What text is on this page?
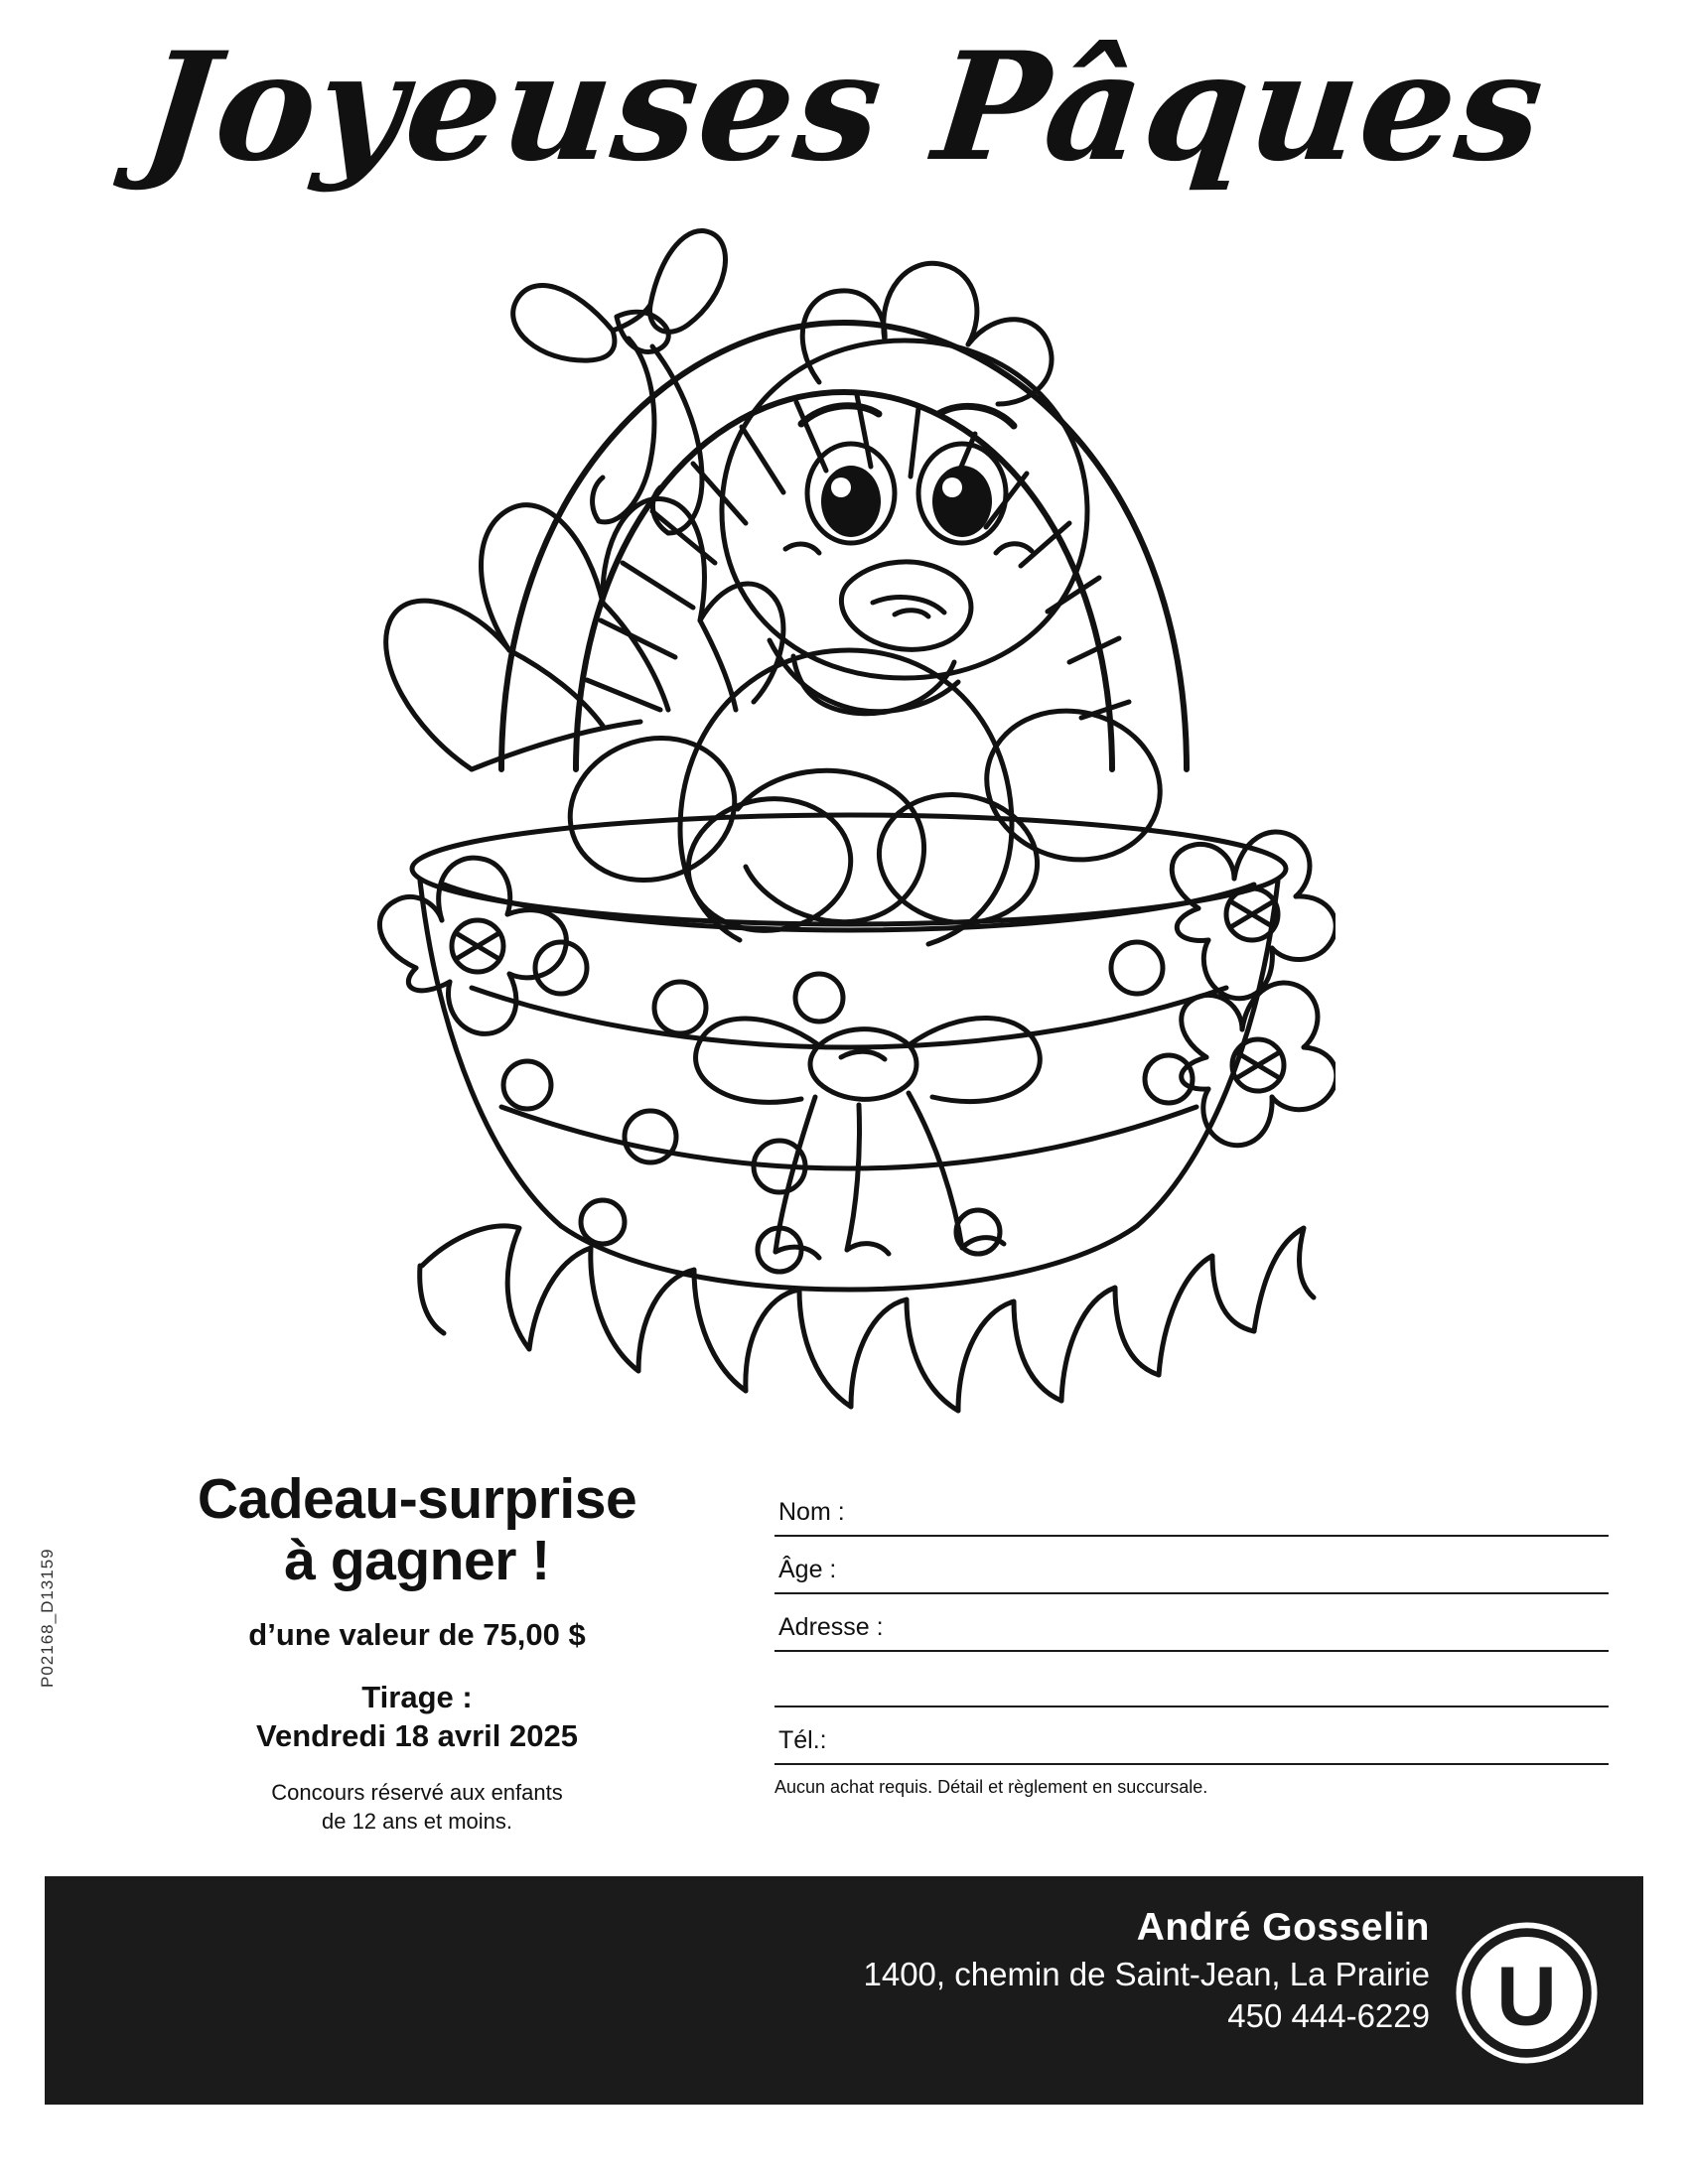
Joyeuses Pâques
P02168_D13159
Cadeau-surprise
à gagner !
d’une valeur de 75,00 $
Tirage :
Vendredi 18 avril 2025
Concours réservé aux enfants
de 12 ans et moins.
Nom :
Âge :
Adresse :
Tél.:
Aucun achat requis. Détail et règlement en succursale.
André Gosselin
1400, chemin de Saint-Jean, La Prairie
450 444-6229 U
